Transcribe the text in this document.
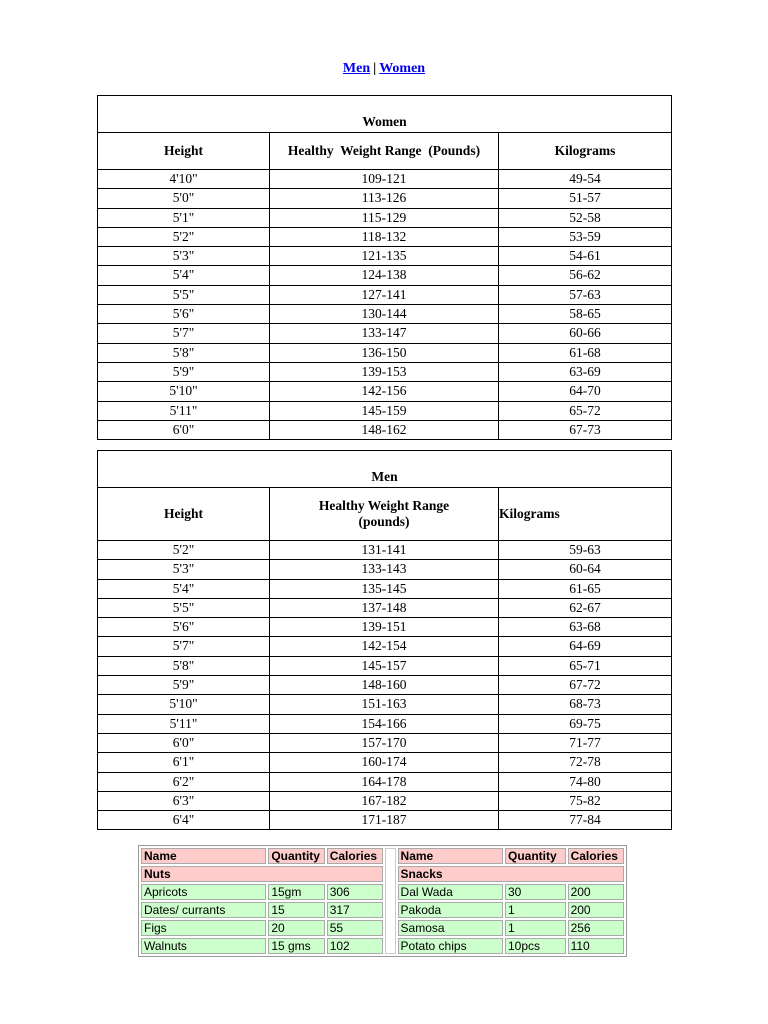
Men | Women
Women		
Height	Healthy  Weight Range  (Pounds)	Kilograms
4'10"	109-121	49-54
5'0"	113-126	51-57
5'1"	115-129	52-58
5'2"	118-132	53-59
5'3"	121-135	54-61
5'4"	124-138	56-62
5'5"	127-141	57-63
5'6"	130-144	58-65
5'7"	133-147	60-66
5'8"	136-150	61-68
5'9"	139-153	63-69
5'10"	142-156	64-70
5'11"	145-159	65-72
6'0"	148-162	67-73
Men		
Height	Healthy Weight Range (pounds)	Kilograms
5'2"	131-141	59-63
5'3"	133-143	60-64
5'4"	135-145	61-65
5'5"	137-148	62-67
5'6"	139-151	63-68
5'7"	142-154	64-69
5'8"	145-157	65-71
5'9"	148-160	67-72
5'10"	151-163	68-73
5'11"	154-166	69-75
6'0"	157-170	71-77
6'1"	160-174	72-78
6'2"	164-178	74-80
6'3"	167-182	75-82
6'4"	171-187	77-84
Name	Quantity	Calories		Name	Quantity	Calories
Nuts				Snacks		
Apricots	15gm	306		Dal Wada	30	200
Dates/ currants	15	317		Pakoda	1	200
Figs	20	55		Samosa	1	256
Walnuts	15 gms	102		Potato chips	10pcs	110
